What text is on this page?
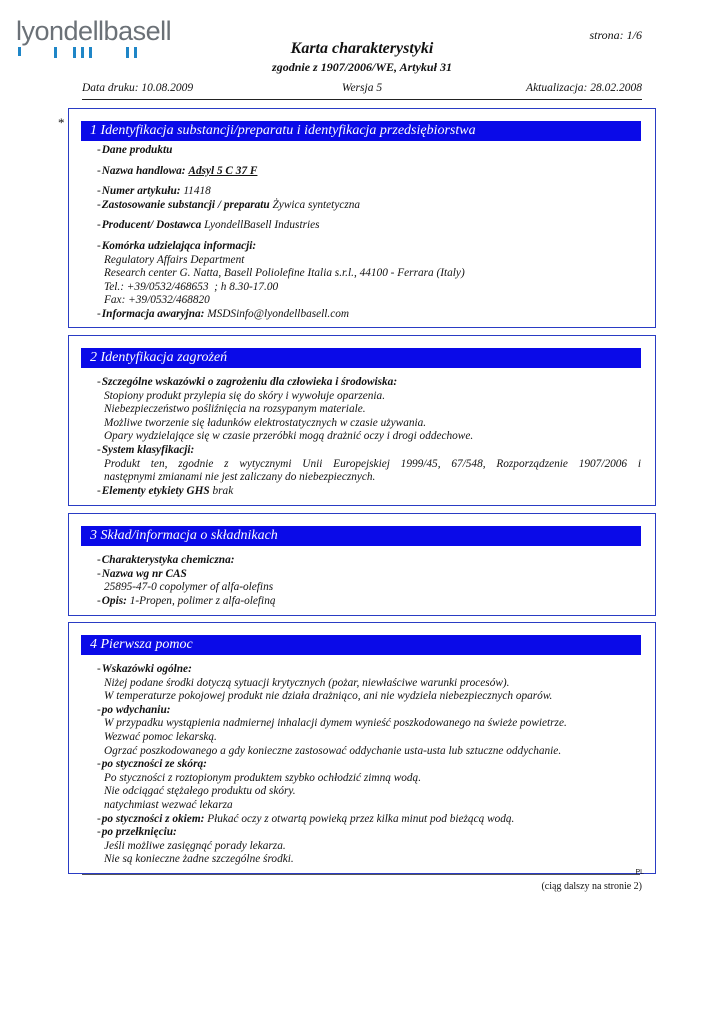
lyondellbasell	strona: 1/6
Karta charakterystyki
zgodnie z 1907/2006/WE, Artykuł 31
Wersja 5
Data druku: 10.08.2009	Aktualizacja: 28.02.2008
*
1 Identyfikacja substancji/preparatu i identyfikacja przedsiębiorstwa
-Dane produktu
-Nazwa handlowa: Adsyl 5 C 37 F
-Numer artykułu: 11418
-Zastosowanie substancji / preparatu Żywica syntetyczna
-Producent/ Dostawca LyondellBasell Industries
-Komórka udzielająca informacji:
Regulatory Affairs Department
Research center G. Natta, Basell Poliolefine Italia s.r.l., 44100 - Ferrara (Italy)
Tel.: +39/0532/468653  ; h 8.30-17.00
Fax: +39/0532/468820
-Informacja awaryjna: MSDSinfo@lyondellbasell.com
2 Identyfikacja zagrożeń
-Szczególne wskazówki o zagrożeniu dla człowieka i środowiska:
Stopiony produkt przylepia się do skóry i wywołuje oparzenia.
Niebezpieczeństwo pośliźnięcia na rozsypanym materiale.
Możliwe tworzenie się ładunków elektrostatycznych w czasie używania.
Opary wydzielające się w czasie przeróbki mogą drażnić oczy i drogi oddechowe.
-System klasyfikacji:
Produkt ten, zgodnie z wytycznymi Unii Europejskiej 1999/45, 67/548, Rozporządzenie 1907/2006 i
następnymi zmianami nie jest zaliczany do niebezpiecznych.
-Elementy etykiety GHS brak
3 Skład/informacja o składnikach
-Charakterystyka chemiczna:
-Nazwa wg nr CAS
25895-47-0 copolymer of alfa-olefins
-Opis: 1-Propen, polimer z alfa-olefiną
4 Pierwsza pomoc
-Wskazówki ogólne:
Niżej podane środki dotyczą sytuacji krytycznych (pożar, niewłaściwe warunki procesów).
W temperaturze pokojowej produkt nie działa drażniąco, ani nie wydziela niebezpiecznych oparów.
-po wdychaniu:
W przypadku wystąpienia nadmiernej inhalacji dymem wynieść poszkodowanego na świeże powietrze.
Wezwać pomoc lekarską.
Ogrzać poszkodowanego a gdy konieczne zastosować oddychanie usta-usta lub sztuczne oddychanie.
-po styczności ze skórą:
Po styczności z roztopionym produktem szybko ochłodzić zimną wodą.
Nie odciągać stężałego produktu od skóry.
natychmiast wezwać lekarza
-po styczności z okiem: Płukać oczy z otwartą powieką przez kilka minut pod bieżącą wodą.
-po przełknięciu:
Jeśli możliwe zasięgnąć porady lekarza.
Nie są konieczne żadne szczególne środki.
PL
(ciąg dalszy na stronie 2)
